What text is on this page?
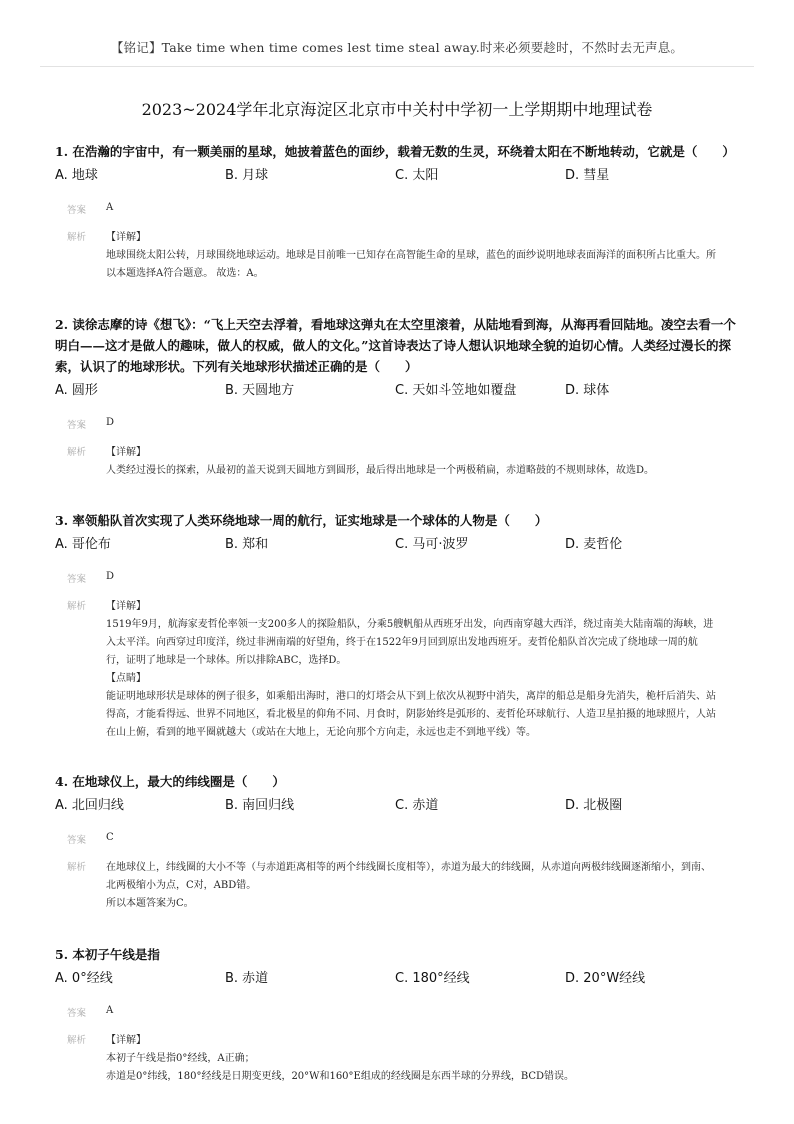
【铭记】Take time when time comes lest time steal away.时来必须要趁时，不然时去无声息。
2023~2024学年北京海淀区北京市中关村中学初一上学期期中地理试卷
1. 在浩瀚的宇宙中，有一颗美丽的星球，她披着蓝色的面纱，载着无数的生灵，环绕着太阳在不断地转动，它就是（　　）
A. 地球	B. 月球	C. 太阳	D. 彗星
答案	A
解析	【详解】
地球围绕太阳公转，月球围绕地球运动。地球是目前唯一已知存在高智能生命的星球，蓝色的面纱说明地球表面海洋的面积所占比重大。所以本题选择A符合题意。 故选：A。
2. 读徐志摩的诗《想飞》：“飞上天空去浮着，看地球这弹丸在太空里滚着，从陆地看到海，从海再看回陆地。凌空去看一个明白——这才是做人的趣味，做人的权威，做人的文化。”这首诗表达了诗人想认识地球全貌的迫切心情。人类经过漫长的探索，认识了的地球形状。下列有关地球形状描述正确的是（　　）
A. 圆形	B. 天圆地方	C. 天如斗笠地如覆盘	D. 球体
答案	D
解析	【详解】
人类经过漫长的探索，从最初的盖天说到天圆地方到圆形，最后得出地球是一个两极稍扁，赤道略鼓的不规则球体，故选D。
3. 率领船队首次实现了人类环绕地球一周的航行，证实地球是一个球体的人物是（　　）
A. 哥伦布	B. 郑和	C. 马可·波罗	D. 麦哲伦
答案	D
解析	【详解】
1519年9月，航海家麦哲伦率领一支200多人的探险船队，分乘5艘帆船从西班牙出发，向西南穿越大西洋，绕过南美大陆南端的海峡，进入太平洋。向西穿过印度洋，绕过非洲南端的好望角，终于在1522年9月回到原出发地西班牙。麦哲伦船队首次完成了绕地球一周的航行，证明了地球是一个球体。所以排除ABC，选择D。
【点睛】
能证明地球形状是球体的例子很多，如乘船出海时，港口的灯塔会从下到上依次从视野中消失，离岸的船总是船身先消失，桅杆后消失、站得高，才能看得远、世界不同地区，看北极星的仰角不同、月食时，阴影始终是弧形的、麦哲伦环球航行、人造卫星拍摄的地球照片，人站在山上俯，看到的地平圈就越大（或站在大地上，无论向那个方向走，永远也走不到地平线）等。
4. 在地球仪上，最大的纬线圈是（　　）
A. 北回归线	B. 南回归线	C. 赤道	D. 北极圈
答案	C
解析	在地球仪上，纬线圈的大小不等（与赤道距离相等的两个纬线圈长度相等），赤道为最大的纬线圈，从赤道向两极纬线圈逐渐缩小，到南、北两极缩小为点，C对，ABD错。
所以本题答案为C。
5. 本初子午线是指
A. 0°经线	B. 赤道	C. 180°经线	D. 20°W经线
答案	A
解析	【详解】
本初子午线是指0°经线，A正确；
赤道是0°纬线，180°经线是日期变更线，20°W和160°E组成的经线圈是东西半球的分界线，BCD错误。
